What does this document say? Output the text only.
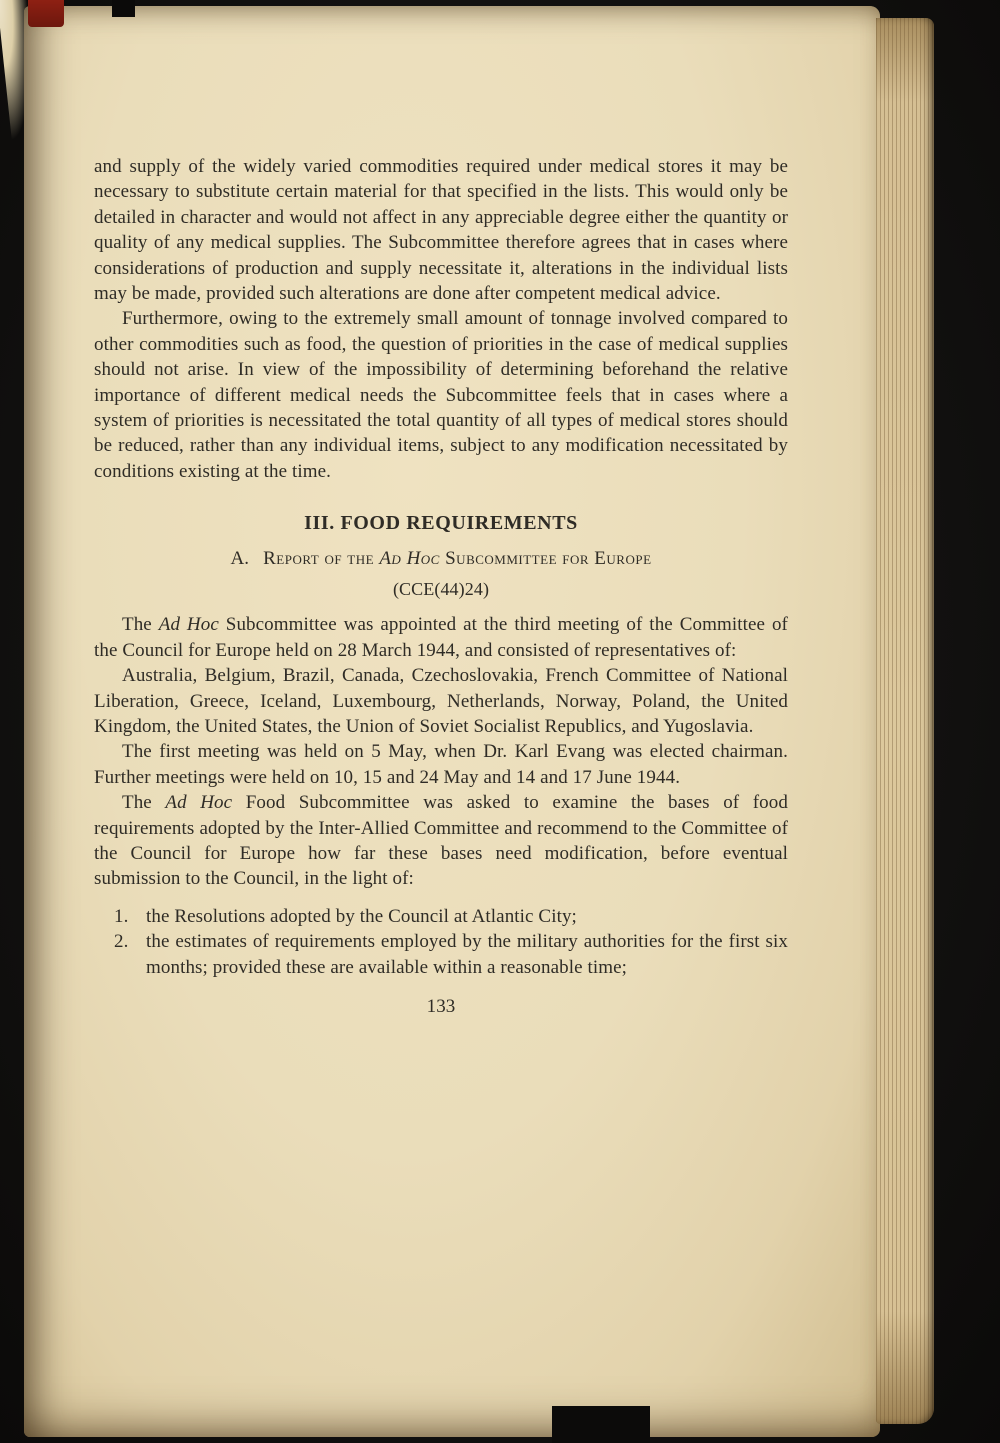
and supply of the widely varied commodities required under medical stores it may be necessary to substitute certain material for that specified in the lists. This would only be detailed in character and would not affect in any appreciable degree either the quantity or quality of any medical supplies. The Subcommittee therefore agrees that in cases where considerations of production and supply necessitate it, alterations in the individual lists may be made, provided such alterations are done after competent medical advice.

Furthermore, owing to the extremely small amount of tonnage involved compared to other commodities such as food, the question of priorities in the case of medical supplies should not arise. In view of the impossibility of determining beforehand the relative importance of different medical needs the Subcommittee feels that in cases where a system of priorities is necessitated the total quantity of all types of medical stores should be reduced, rather than any individual items, subject to any modification necessitated by conditions existing at the time.

III. FOOD REQUIREMENTS
A. Report of the Ad Hoc Subcommittee for Europe
(CCE(44)24)

The Ad Hoc Subcommittee was appointed at the third meeting of the Committee of the Council for Europe held on 28 March 1944, and consisted of representatives of:

Australia, Belgium, Brazil, Canada, Czechoslovakia, French Committee of National Liberation, Greece, Iceland, Luxembourg, Netherlands, Norway, Poland, the United Kingdom, the United States, the Union of Soviet Socialist Republics, and Yugoslavia.

The first meeting was held on 5 May, when Dr. Karl Evang was elected chairman. Further meetings were held on 10, 15 and 24 May and 14 and 17 June 1944.

The Ad Hoc Food Subcommittee was asked to examine the bases of food requirements adopted by the Inter-Allied Committee and recommend to the Committee of the Council for Europe how far these bases need modification, before eventual submission to the Council, in the light of:

1. the Resolutions adopted by the Council at Atlantic City;
2. the estimates of requirements employed by the military authorities for the first six months; provided these are available within a reasonable time;
133
